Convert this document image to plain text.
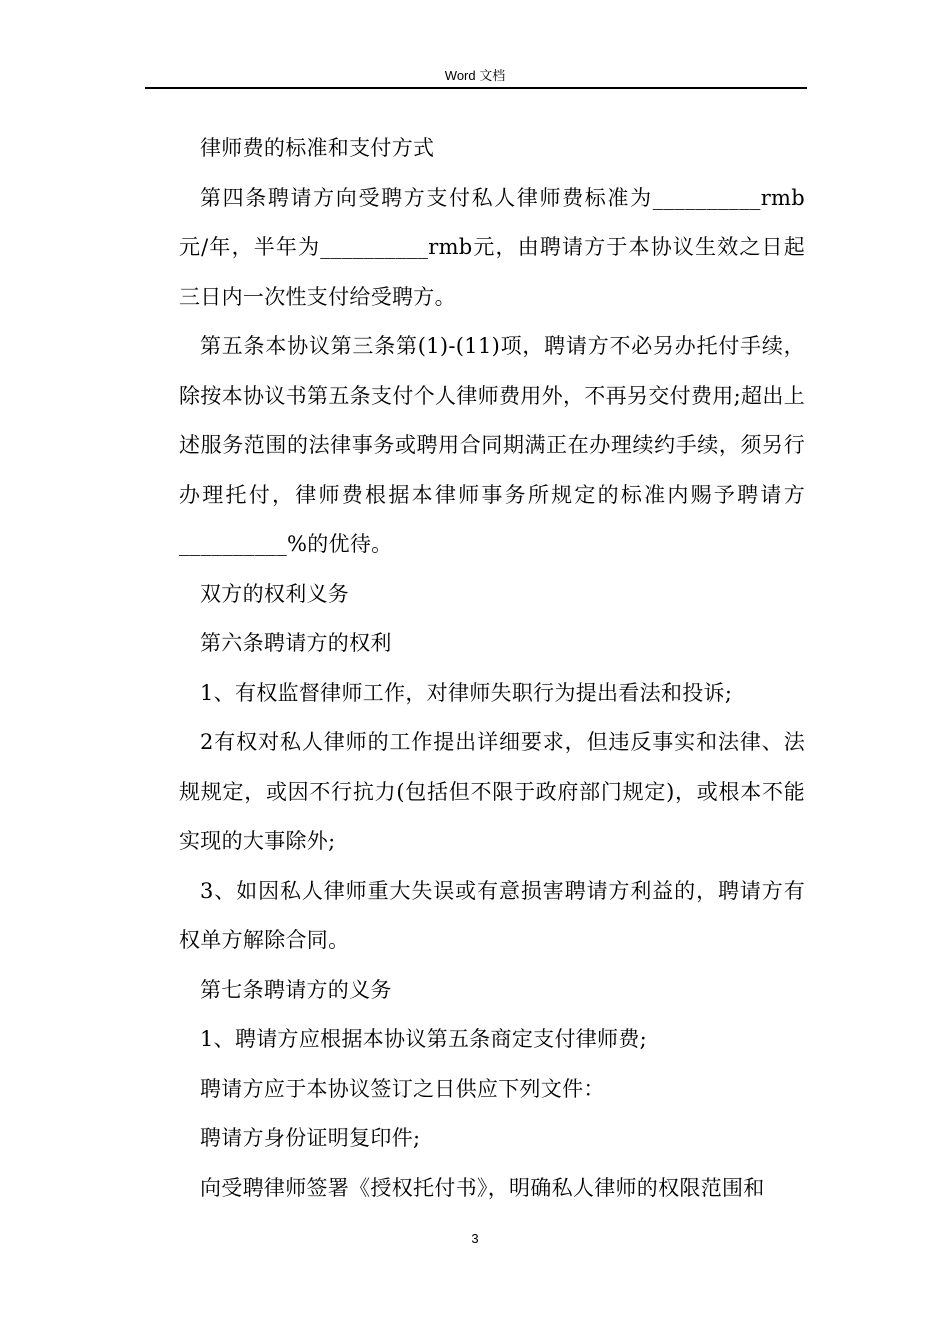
Word 文档

律师费的标准和支付方式

第四条聘请方向受聘方支付私人律师费标准为__________rmb元/年，半年为__________rmb元，由聘请方于本协议生效之日起三日内一次性支付给受聘方。

第五条本协议第三条第(1)-(11)项，聘请方不必另办托付手续，除按本协议书第五条支付个人律师费用外，不再另交付费用;超出上述服务范围的法律事务或聘用合同期满正在办理续约手续，须另行办理托付，律师费根据本律师事务所规定的标准内赐予聘请方__________%的优待。

双方的权利义务

第六条聘请方的权利

1、有权监督律师工作，对律师失职行为提出看法和投诉;

2有权对私人律师的工作提出详细要求，但违反事实和法律、法规规定，或因不行抗力(包括但不限于政府部门规定)，或根本不能实现的大事除外;

3、如因私人律师重大失误或有意损害聘请方利益的，聘请方有权单方解除合同。

第七条聘请方的义务

1、聘请方应根据本协议第五条商定支付律师费;

聘请方应于本协议签订之日供应下列文件：

聘请方身份证明复印件;

向受聘律师签署《授权托付书》，明确私人律师的权限范围和

3
